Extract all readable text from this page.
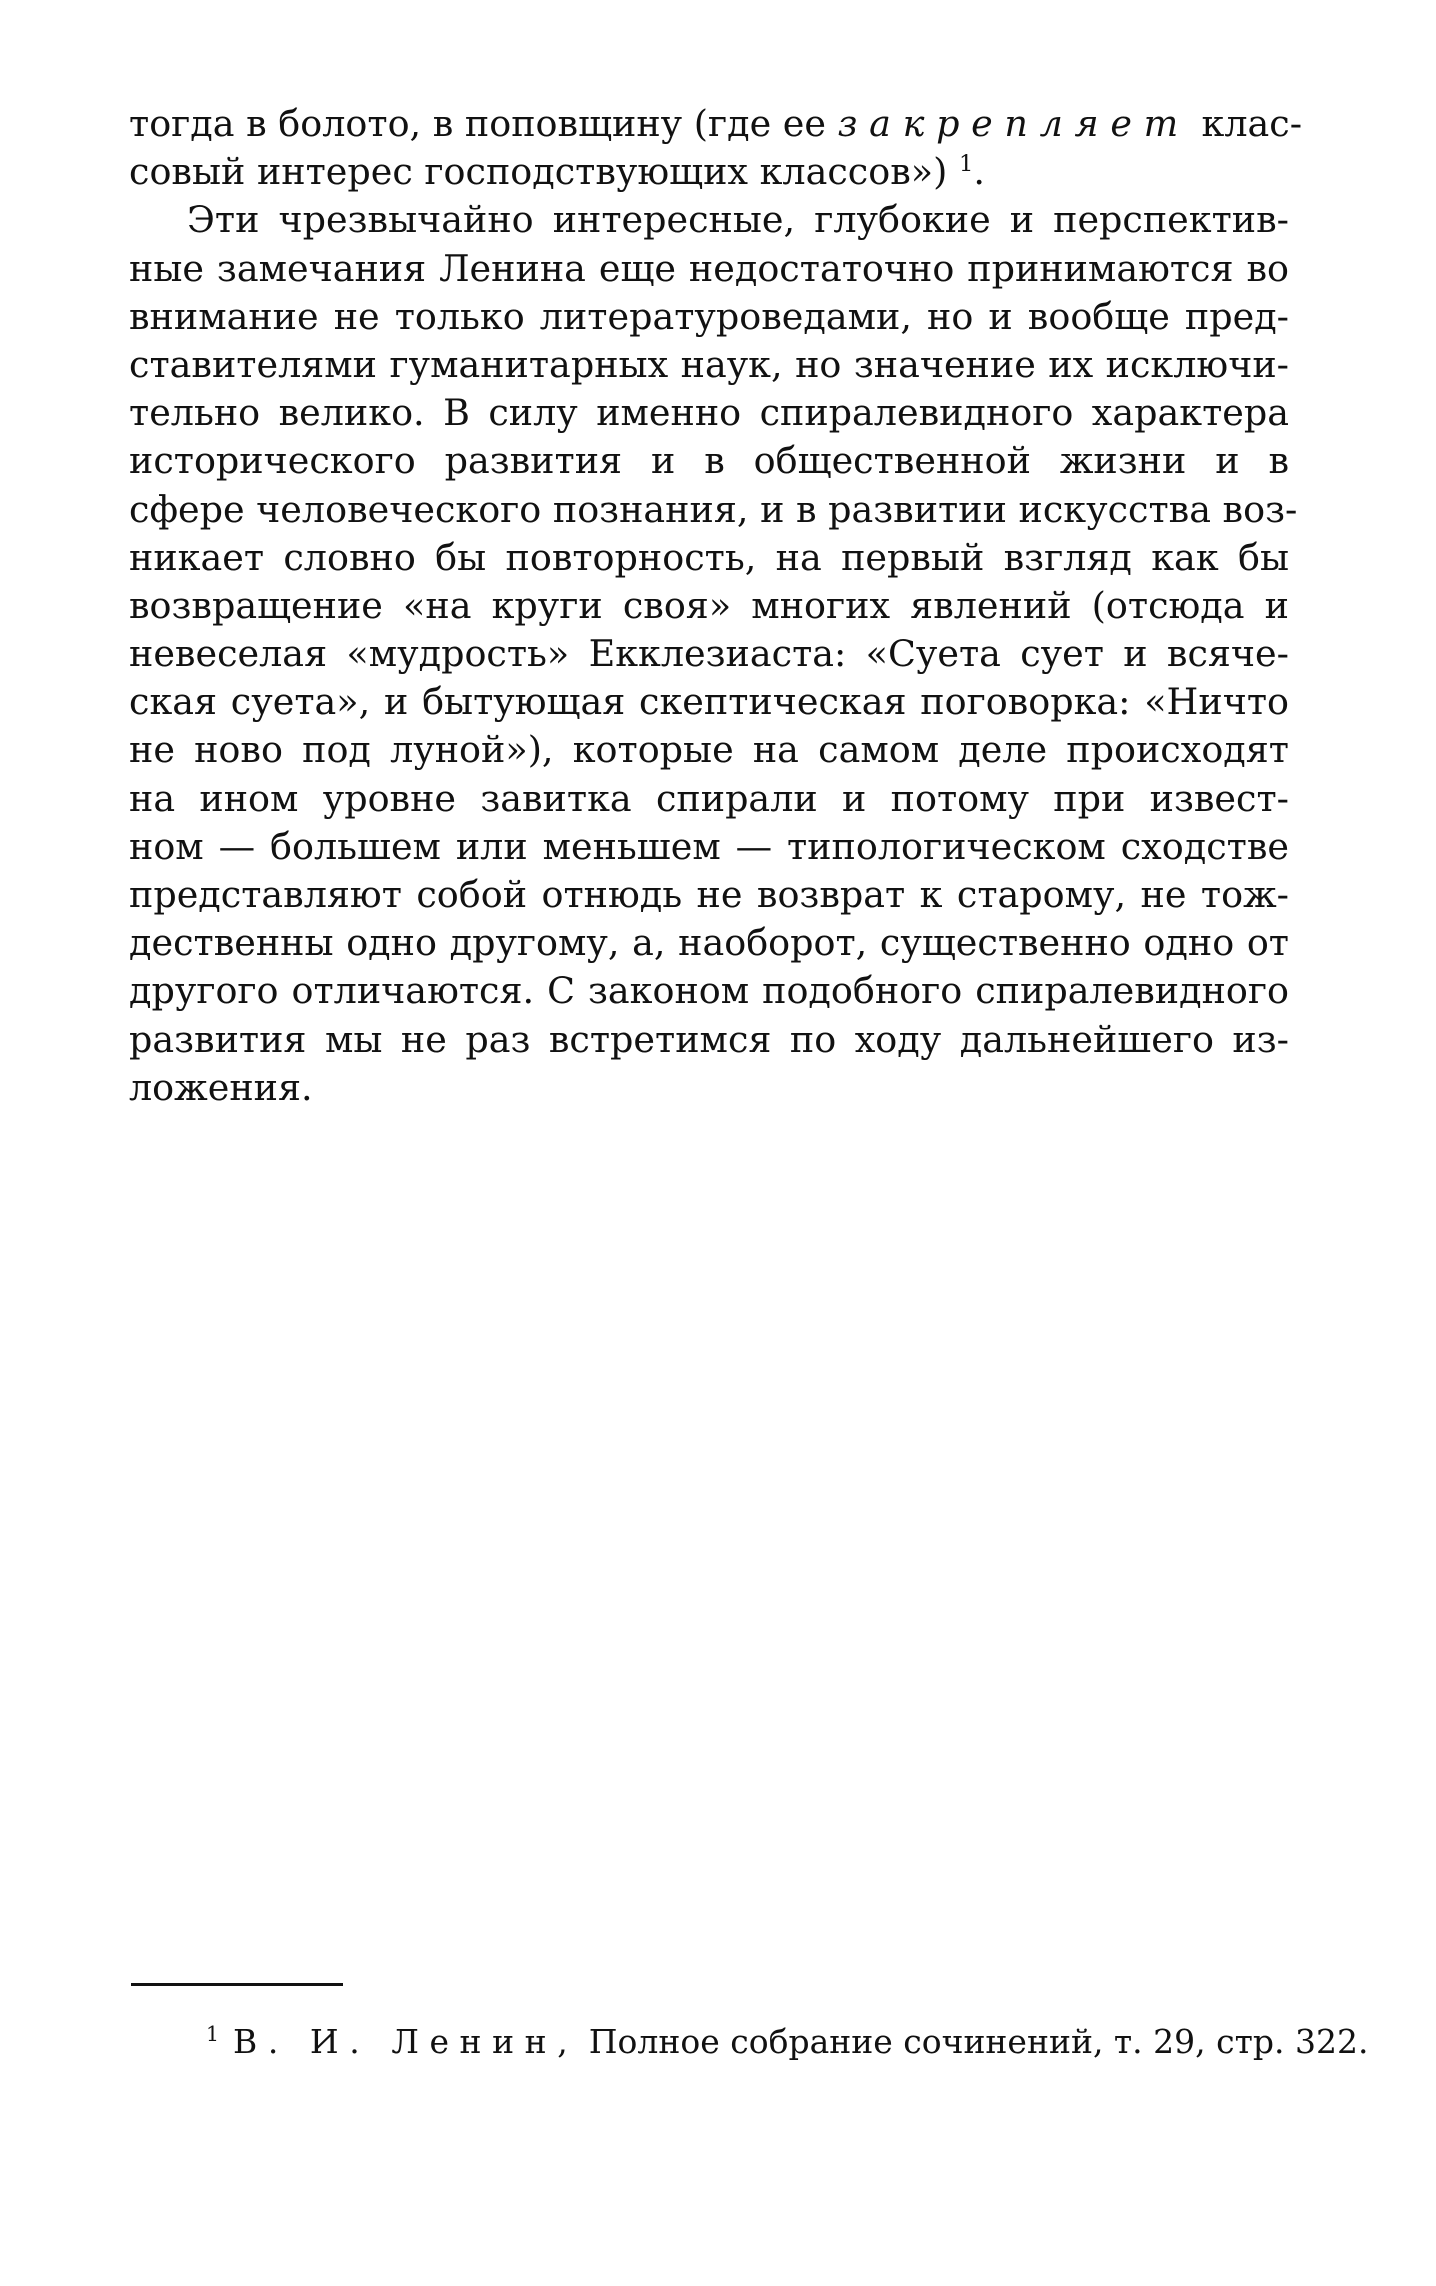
тогда в болото, в поповщину (где ее закрепляет клас-
совый интерес господствующих классов») $^1$.
Эти чрезвычайно интересные, глубокие и перспектив-
ные замечания Ленина еще недостаточно принимаются во
внимание не только литературоведами, но и вообще пред-
ставителями гуманитарных наук, но значение их исключи-
тельно велико. В силу именно спиралевидного характера
исторического развития и в общественной жизни и в
сфере человеческого познания, и в развитии искусства воз-
никает словно бы повторность, на первый взгляд как бы
возвращение «на круги своя» многих явлений (отсюда и
невеселая «мудрость» Екклезиаста: «Суета сует и всяче-
ская суета», и бытующая скептическая поговорка: «Ничто
не ново под луной»), которые на самом деле происходят
на ином уровне завитка спирали и потому при извест-
ном — большем или меньшем — типологическом сходстве
представляют собой отнюдь не возврат к старому, не тож-
дественны одно другому, а, наоборот, существенно одно от
другого отличаются. С законом подобного спиралевидного
развития мы не раз встретимся по ходу дальнейшего из-
ложения.
$^1$ В. И. Ленин, Полное собрание сочинений, т. 29, стр. 322.
